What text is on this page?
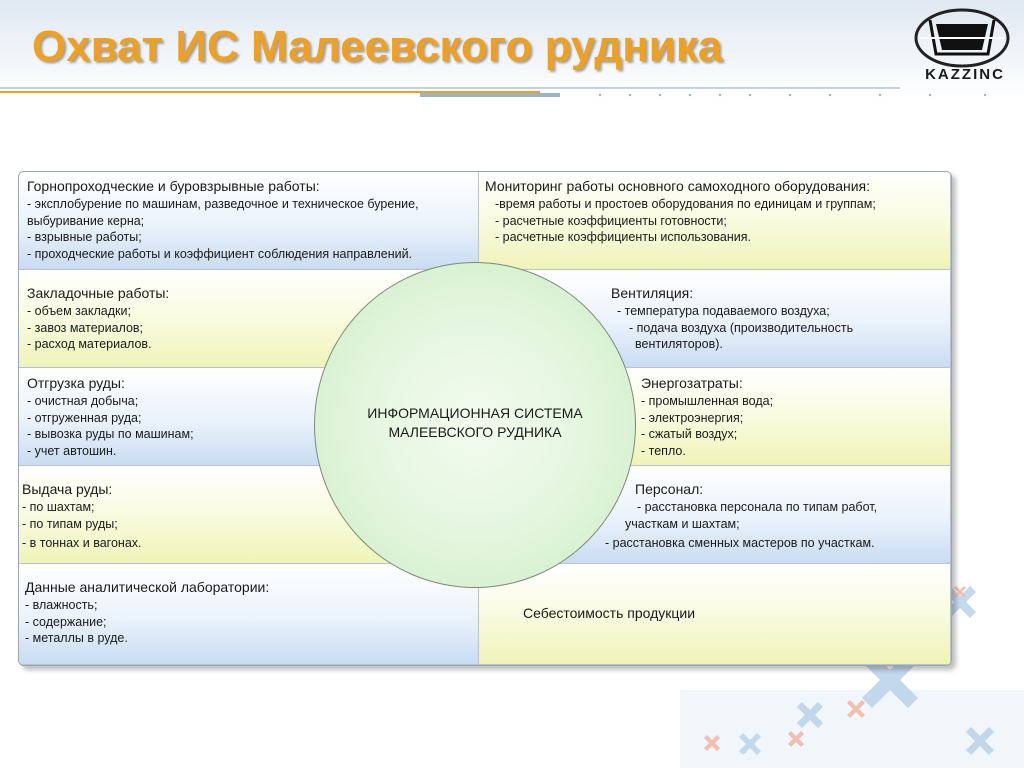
Охват ИС Малеевского рудника
KAZZINC
Горнопроходческие и буровзрывные работы:
- эксплобурение по машинам, разведочное и техническое бурение,
выбуривание керна;
- взрывные работы;
- проходческие работы и коэффициент соблюдения направлений.
Закладочные работы:
- объем закладки;
- завоз материалов;
- расход материалов.
Отгрузка руды:
- очистная добыча;
- отгруженная руда;
- вывозка руды по машинам;
- учет автошин.
Выдача руды:
- по шахтам;
- по типам руды;
- в тоннах и вагонах.
Данные аналитической лаборатории:
- влажность;
- содержание;
- металлы в руде.
Мониторинг работы основного самоходного оборудования:
-время работы и простоев оборудования по единицам и группам;
- расчетные коэффициенты готовности;
- расчетные коэффициенты использования.
Вентиляция:
- температура подаваемого воздуха;
- подача воздуха (производительность
вентиляторов).
Энергозатраты:
- промышленная вода;
- электроэнергия;
- сжатый воздух;
- тепло.
Персонал:
- расстановка персонала по типам работ,
участкам и шахтам;
- расстановка сменных мастеров по участкам.
Себестоимость продукции
ИНФОРМАЦИОННАЯ СИСТЕМА
МАЛЕЕВСКОГО РУДНИКА
